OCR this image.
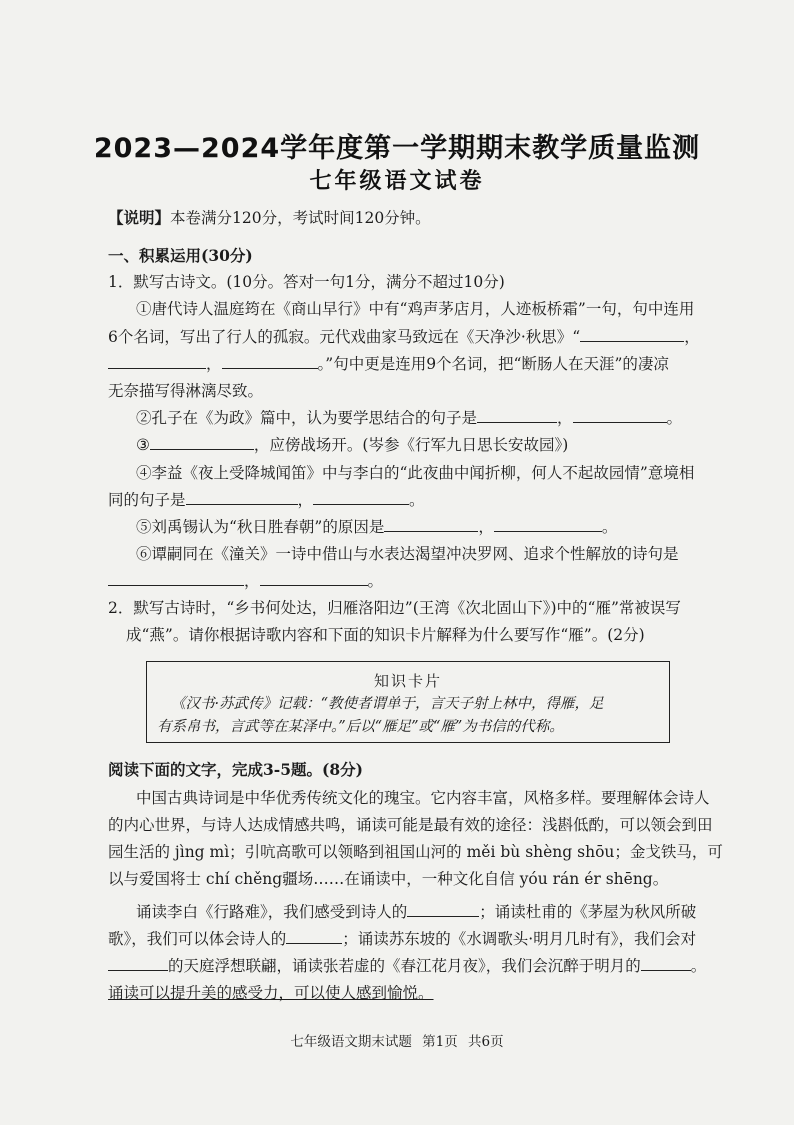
2023—2024学年度第一学期期末教学质量监测
七年级语文试卷
【说明】本卷满分120分，考试时间120分钟。
一、积累运用(30分)
1．默写古诗文。(10分。答对一句1分，满分不超过10分)
①唐代诗人温庭筠在《商山早行》中有“鸡声茅店月，人迹板桥霜”一句，句中连用
6个名词，写出了行人的孤寂。元代戏曲家马致远在《天净沙·秋思》“	，
，	。”句中更是连用9个名词，把“断肠人在天涯”的凄凉
无奈描写得淋漓尽致。
②孔子在《为政》篇中，认为要学思结合的句子是	，	。
③	，应傍战场开。(岑参《行军九日思长安故园》)
④李益《夜上受降城闻笛》中与李白的“此夜曲中闻折柳，何人不起故园情”意境相
同的句子是	，	。
⑤刘禹锡认为“秋日胜春朝”的原因是	，	。
⑥谭嗣同在《潼关》一诗中借山与水表达渴望冲决罗网、追求个性解放的诗句是
，	。
2．默写古诗时，“乡书何处达，归雁洛阳边”(王湾《次北固山下》)中的“雁”常被误写
成“燕”。请你根据诗歌内容和下面的知识卡片解释为什么要写作“雁”。(2分)
知识卡片
《汉书·苏武传》记载：“教使者谓单于，言天子射上林中，得雁，足
有系帛书，言武等在某泽中。”后以“雁足”或“雁”为书信的代称。
阅读下面的文字，完成3-5题。(8分)
中国古典诗词是中华优秀传统文化的瑰宝。它内容丰富，风格多样。要理解体会诗人
的内心世界，与诗人达成情感共鸣，诵读可能是最有效的途径：浅斟低酌，可以领会到田
园生活的 jìng mì；引吭高歌可以领略到祖国山河的 měi bù shèng shōu；金戈铁马，可
以与爱国将士 chí chěng疆场……在诵读中，一种文化自信 yóu rán ér shēng。
诵读李白《行路难》，我们感受到诗人的	；诵读杜甫的《茅屋为秋风所破
歌》，我们可以体会诗人的	；诵读苏东坡的《水调歌头·明月几时有》，我们会对
的天庭浮想联翩，诵读张若虚的《春江花月夜》，我们会沉醉于明月的	。
诵读可以提升美的感受力，可以使人感到愉悦。
七年级语文期末试题 第1页 共6页
